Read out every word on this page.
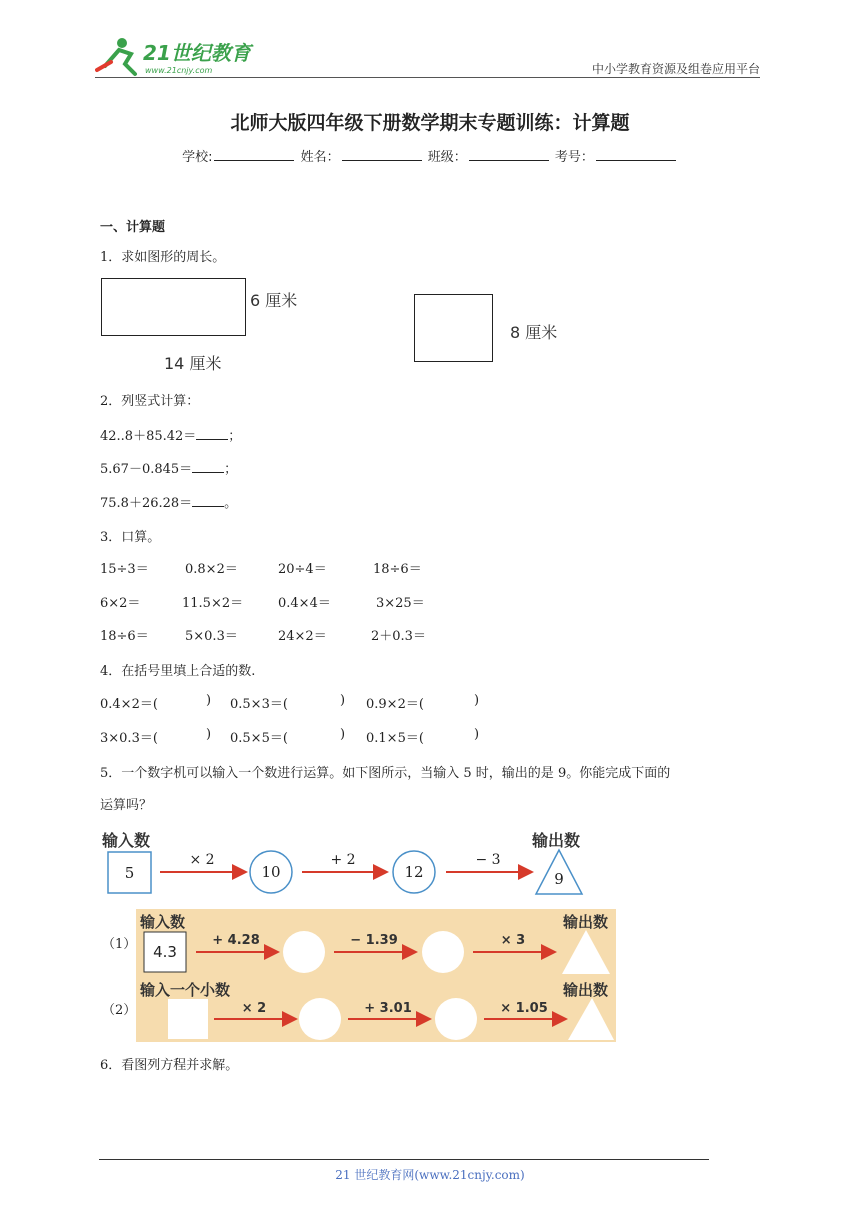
21世纪教育
www.21cnjy.com	中小学教育资源及组卷应用平台
北师大版四年级下册数学期末专题训练：计算题
学校:	姓名：	班级：	考号：
一、计算题
1．求如图形的周长。
6 厘米
14 厘米
8 厘米
2．列竖式计算：
42..8＋85.42＝ ；
5.67－0.845＝ ；
75.8＋26.28＝ 。
3．口算。
15÷3＝	0.8×2＝	20÷4＝	18÷6＝
6×2＝	11.5×2＝	0.4×4＝	3×25＝
18÷6＝	5×0.3＝	24×2＝	2＋0.3＝
4．在括号里填上合适的数.
0.4×2＝(	) 0.5×3＝(	) 0.9×2＝(	)
3×0.3＝(	) 0.5×5＝(	) 0.1×5＝(	)
5．一个数字机可以输入一个数进行运算。如下图所示，当输入 5 时，输出的是 9。你能完成下面的
运算吗？
输入数	输出数
5
× 2
10
+ 2
12
− 3
9
（1）
输入数	输出数
4.3
+ 4.28	− 1.39	× 3
（2）
输入一个小数	输出数
× 2	+ 3.01	× 1.05
6．看图列方程并求解。
21 世纪教育网(www.21cnjy.com)
